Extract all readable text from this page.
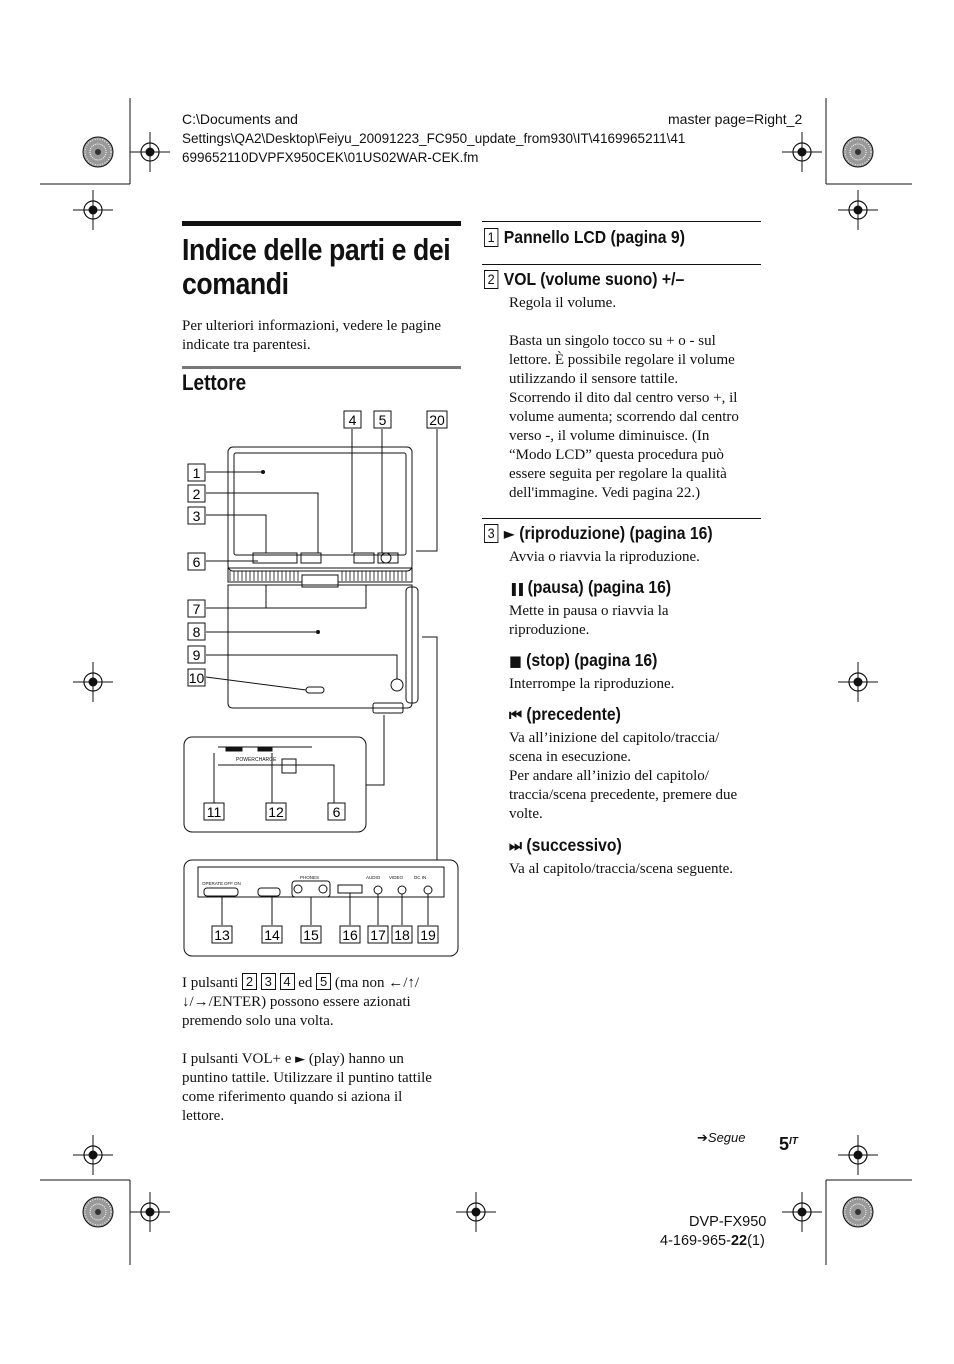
C:\Documents and	master page=Right_2
Settings\QA2\Desktop\Feiyu_20091223_FC950_update_from930\IT\4169965211\41
699652110DVPFX950CEK\01US02WAR-CEK.fm
Indice delle parti e dei
comandi
Per ulteriori informazioni, vedere le pagine
indicate tra parentesi.
Lettore
1
2
3
6
7
8
9
10
4 5	20
POWER CHARGE
11	12	6
OPERATE OFF ON
PHONES	AUDIO VIDEO DC IN
13 14 15 16 17 18 19
I pulsanti 2 3 4 ed 5 (ma non ←/↑/
↓/→/ENTER) possono essere azionati
premendo solo una volta.
I pulsanti VOL+ e ► (play) hanno un
puntino tattile. Utilizzare il puntino tattile
come riferimento quando si aziona il
lettore.
1 Pannello LCD (pagina 9)
2 VOL (volume suono) +/–
Regola il volume.
Basta un singolo tocco su + o - sul
lettore. È possibile regolare il volume
utilizzando il sensore tattile.
Scorrendo il dito dal centro verso +, il
volume aumenta; scorrendo dal centro
verso -, il volume diminuisce. (In
“Modo LCD” questa procedura può
essere seguita per regolare la qualità
dell'immagine. Vedi pagina 22.)
3 ► (riproduzione) (pagina 16)
Avvia o riavvia la riproduzione.
❚❚ (pausa) (pagina 16)
Mette in pausa o riavvia la
riproduzione.
■ (stop) (pagina 16)
Interrompe la riproduzione.
⏮ (precedente)
Va all’inizione del capitolo/traccia/
scena in esecuzione.
Per andare all’inizio del capitolo/
traccia/scena precedente, premere due
volte.
⏭ (successivo)
Va al capitolo/traccia/scena seguente.
➔Segue $5^{IT}$
DVP-FX950
4-169-965-22(1)
